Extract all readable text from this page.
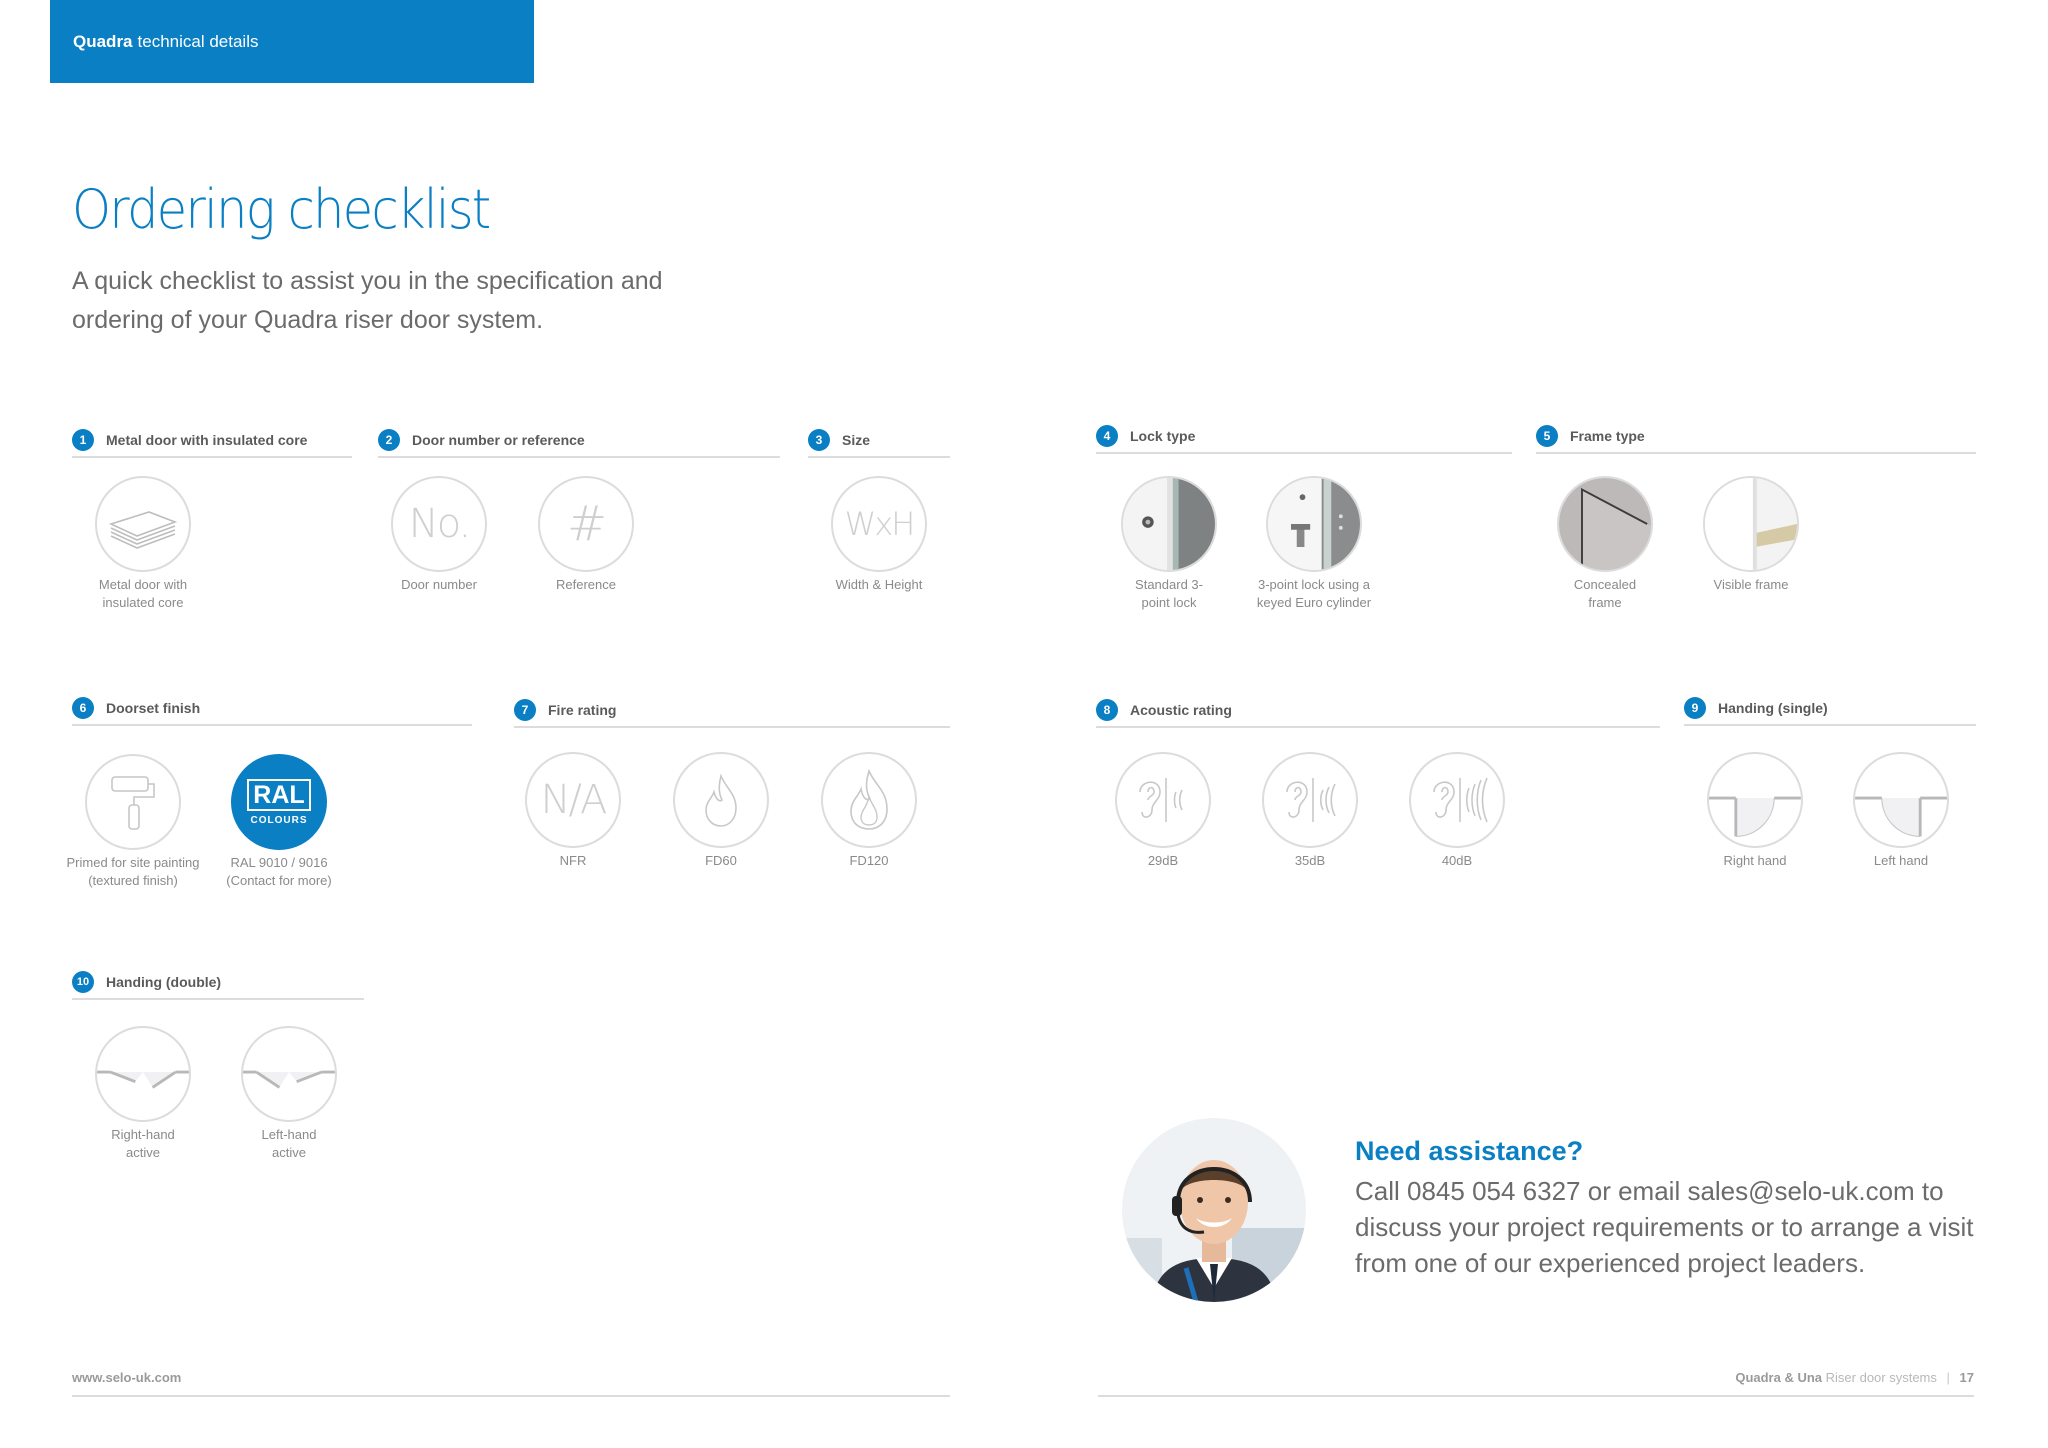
Quadra technical details
Ordering checklist

A quick checklist to assist you in the specification and ordering of your Quadra riser door system.

1	Metal door with insulated core
Metal door with insulated core
2	Door number or reference
No.
Door number
#
Reference
3	Size
WxH
Width & Height
4	Lock type
Standard 3-point lock
3-point lock using a keyed Euro cylinder
5	Frame type
Concealed frame
Visible frame
6	Doorset finish
Primed for site painting (textured finish)
RAL
COLOURS
RAL 9010 / 9016 (Contact for more)
7	Fire rating
N/A
NFR	FD60	FD120
8	Acoustic rating
29dB	35dB	40dB
9	Handing (single)
Right hand	Left hand
10	Handing (double)
Right-hand active
Left-hand active	Need assistance?

Call 0845 054 6327 or email sales@selo-uk.com to discuss your project requirements or to arrange a visit from one of our experienced project leaders.

www.selo-uk.com	Quadra & Una Riser door systems | 17
